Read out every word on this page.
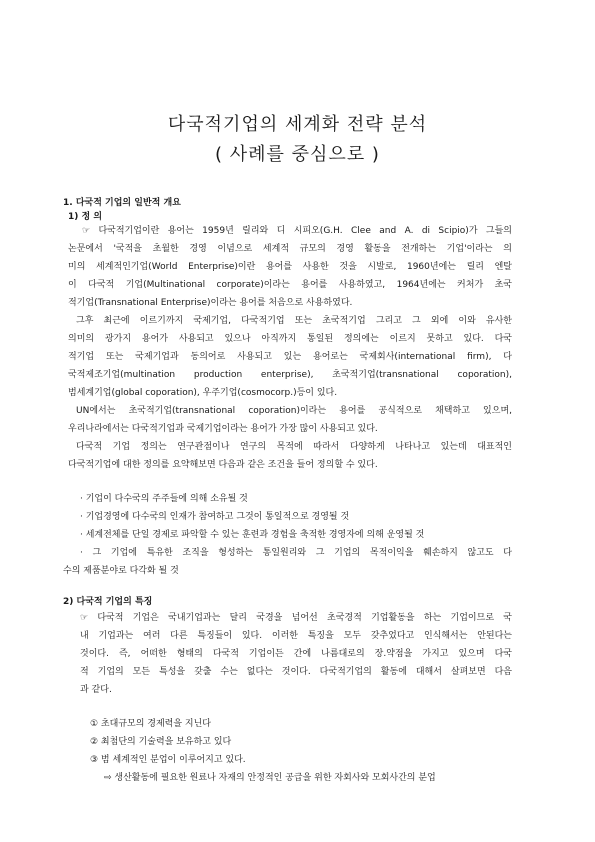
다국적기업의 세계화 전략 분석
( 사례를 중심으로 )

1. 다국적 기업의 일반적 개요

1) 정 의

☞ 다국적기업이란 용어는 1959년 릴리와 디 시피오(G.H. Clee and A. di Scipio)가 그들의

논문에서 '국적을 초월한 경영 이념으로 세계적 규모의 경영 활동을 전개하는 기업'이라는 의

미의 세계적인기업(World Enterprise)이란 용어를 사용한 것을 시발로, 1960년에는 릴리 엔탈

이 다국적 기업(Multinational corporate)이라는 용어를 사용하였고, 1964년에는 커처가 초국

적기업(Transnational Enterprise)이라는 용어를 처음으로 사용하였다.

그후 최근에 이르기까지 국제기업, 다국적기업 또는 초국적기업 그리고 그 외에 이와 유사한

의미의 광가지 용어가 사용되고 있으나 아직까지 통일된 정의에는 이르지 못하고 있다. 다국

적기업 또는 국제기업과 동의어로 사용되고 있는 용어로는 국제회사(international firm), 다

국적제조기업(multination production enterprise), 초국적기업(transnational coporation),

범세계기업(global coporation), 우주기업(cosmocorp.)등이 있다.

UN에서는 초국적기업(transnational coporation)이라는 용어를 공식적으로 채택하고 있으며,

우리나라에서는 다국적기업과 국제기업이라는 용어가 가장 많이 사용되고 있다.

다국적 기업 정의는 연구관점이나 연구의 목적에 따라서 다양하게 나타나고 있는데 대표적인

다국적기업에 대한 정의를 요약해보면 다음과 같은 조건을 들어 정의할 수 있다.

· 기업이 다수국의 주주들에 의해 소유될 것

· 기업경영에 다수국의 인재가 참여하고 그것이 통일적으로 경영될 것

· 세계전체를 단일 경제로 파악할 수 있는 훈련과 경험을 축적한 경영자에 의해 운영될 것

· 그 기업에 특유한 조직을 형성하는 통일원리와 그 기업의 목적이익을 훼손하지 않고도 다

수의 제품분야로 다각화 될 것

2) 다국적 기업의 특징

☞ 다국적 기업은 국내기업과는 달리 국경을 넘어선 초국경적 기업활동을 하는 기업이므로 국

내 기업과는 여러 다른 특징들이 있다. 이러한 특징을 모두 갖추었다고 인식해서는 안된다는

것이다. 즉, 어떠한 형태의 다국적 기업이든 간에 나름대로의 장.약점을 가지고 있으며 다국

적 기업의 모든 특성을 갖출 수는 없다는 것이다. 다국적기업의 활동에 대해서 살펴보면 다음

과 같다.

① 초대규모의 경제력을 지닌다

② 최첨단의 기술력을 보유하고 있다

③ 범 세계적인 분업이 이루어지고 있다.

⇨ 생산활동에 필요한 원료나 자재의 안정적인 공급을 위한 자회사와 모회사간의 분업
